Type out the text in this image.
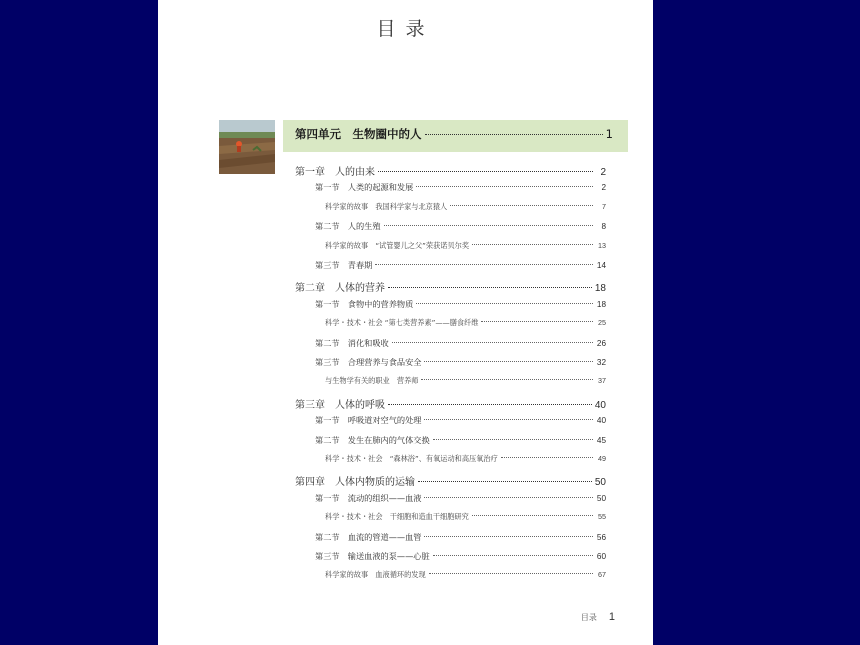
目录
第四单元　生物圈中的人	1
第一章　人的由来	2
第一节　人类的起源和发展	2
科学家的故事　我国科学家与北京猿人	7
第二节　人的生殖	8
科学家的故事　“试管婴儿之父”荣获诺贝尔奖	13
第三节　青春期	14
第二章　人体的营养	18
第一节　食物中的营养物质	18
科学・技术・社会 “第七类营养素”——膳食纤维	25
第二节　消化和吸收	26
第三节　合理营养与食品安全	32
与生物学有关的职业　营养师	37
第三章　人体的呼吸	40
第一节　呼吸道对空气的处理	40
第二节　发生在肺内的气体交换	45
科学・技术・社会　“森林浴”、有氧运动和高压氧治疗	49
第四章　人体内物质的运输	50
第一节　流动的组织——血液	50
科学・技术・社会　干细胞和造血干细胞研究	55
第二节　血流的管道——血管	56
第三节　输送血液的泵——心脏	60
科学家的故事　血液循环的发现	67
目录 1
